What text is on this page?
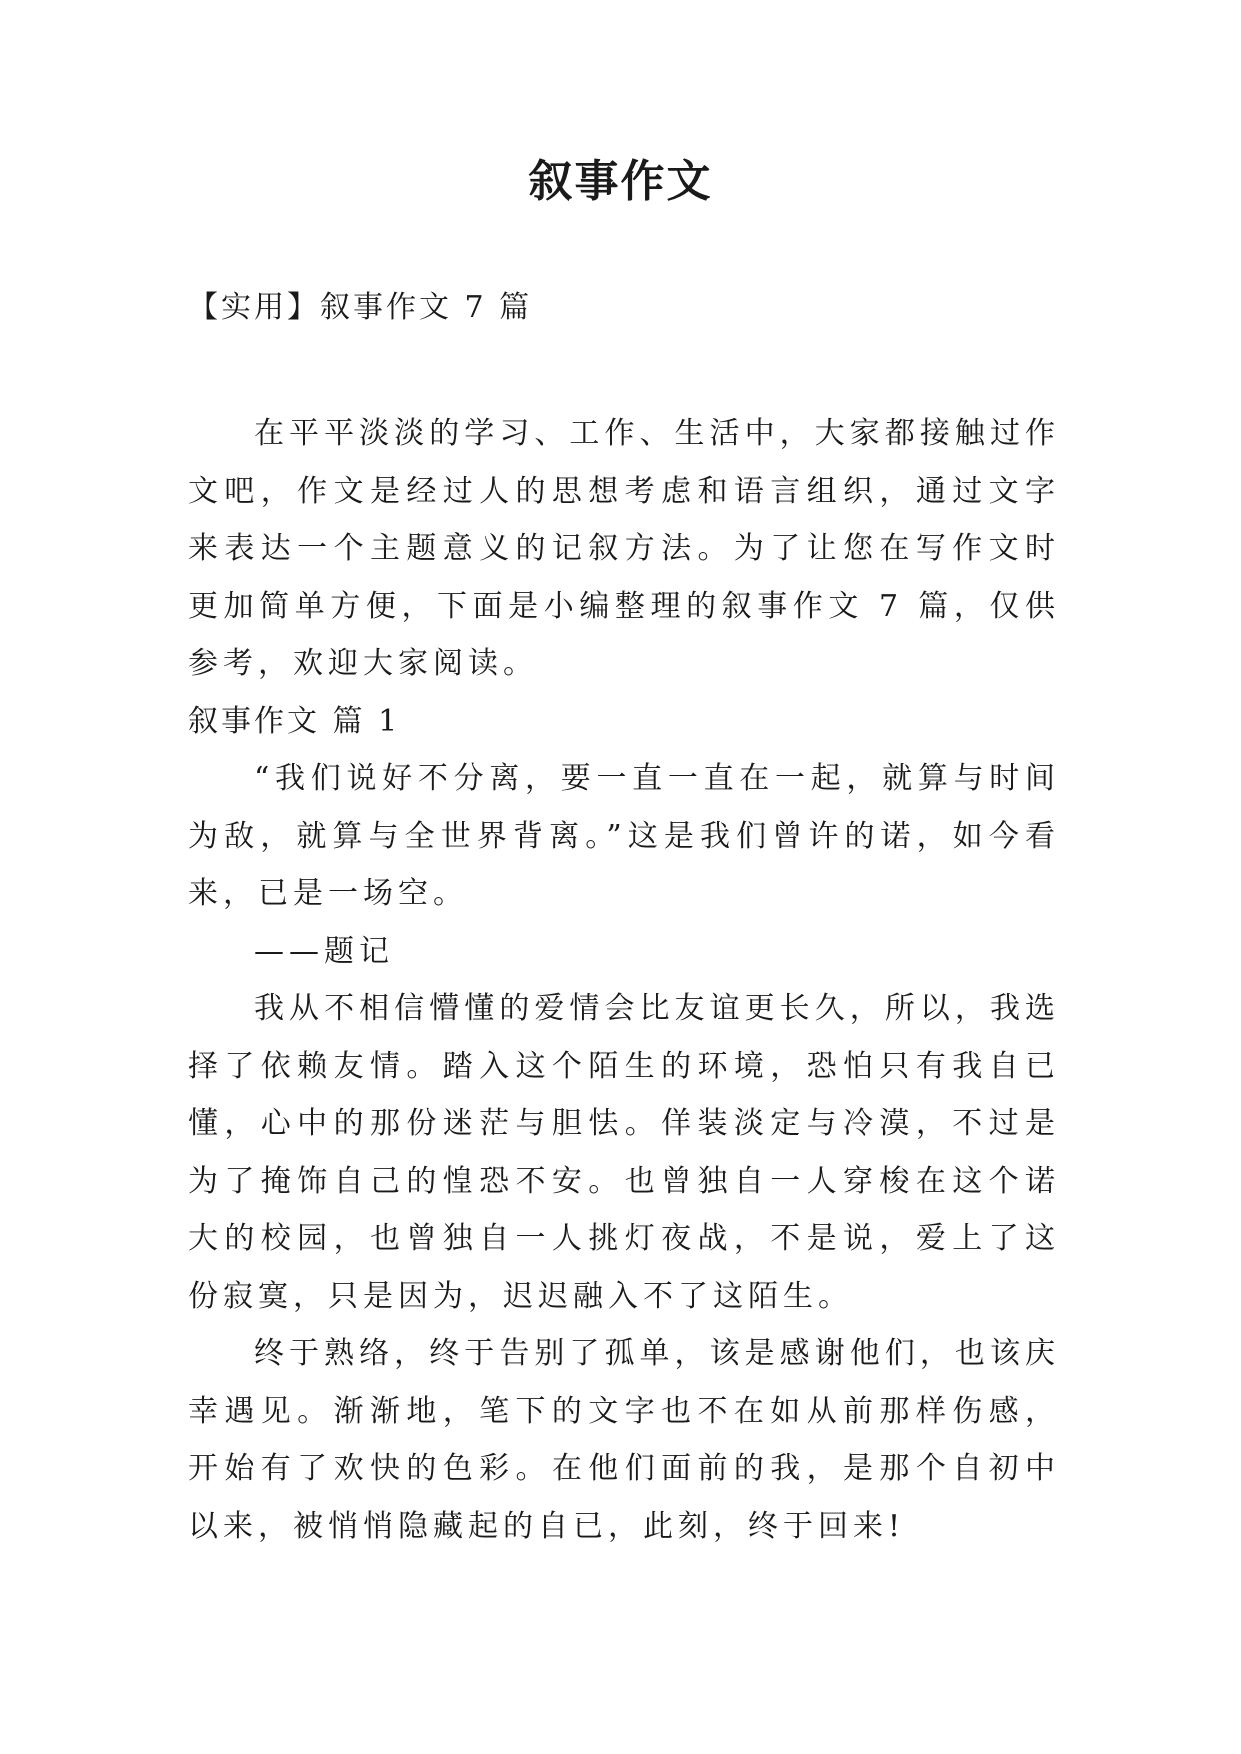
叙事作文
【实用】叙事作文 7 篇

在平平淡淡的学习、工作、生活中，大家都接触过作文吧，作文是经过人的思想考虑和语言组织，通过文字来表达一个主题意义的记叙方法。为了让您在写作文时更加简单方便，下面是小编整理的叙事作文 7 篇，仅供参考，欢迎大家阅读。

叙事作文 篇 1

“我们说好不分离，要一直一直在一起，就算与时间为敌，就算与全世界背离。”这是我们曾许的诺，如今看来，已是一场空。

——题记

我从不相信懵懂的爱情会比友谊更长久，所以，我选择了依赖友情。踏入这个陌生的环境，恐怕只有我自已懂，心中的那份迷茫与胆怯。佯装淡定与冷漠，不过是为了掩饰自己的惶恐不安。也曾独自一人穿梭在这个诺大的校园，也曾独自一人挑灯夜战，不是说，爱上了这份寂寞，只是因为，迟迟融入不了这陌生。

终于熟络，终于告别了孤单，该是感谢他们，也该庆幸遇见。渐渐地，笔下的文字也不在如从前那样伤感，开始有了欢快的色彩。在他们面前的我，是那个自初中以来，被悄悄隐藏起的自已，此刻，终于回来!
